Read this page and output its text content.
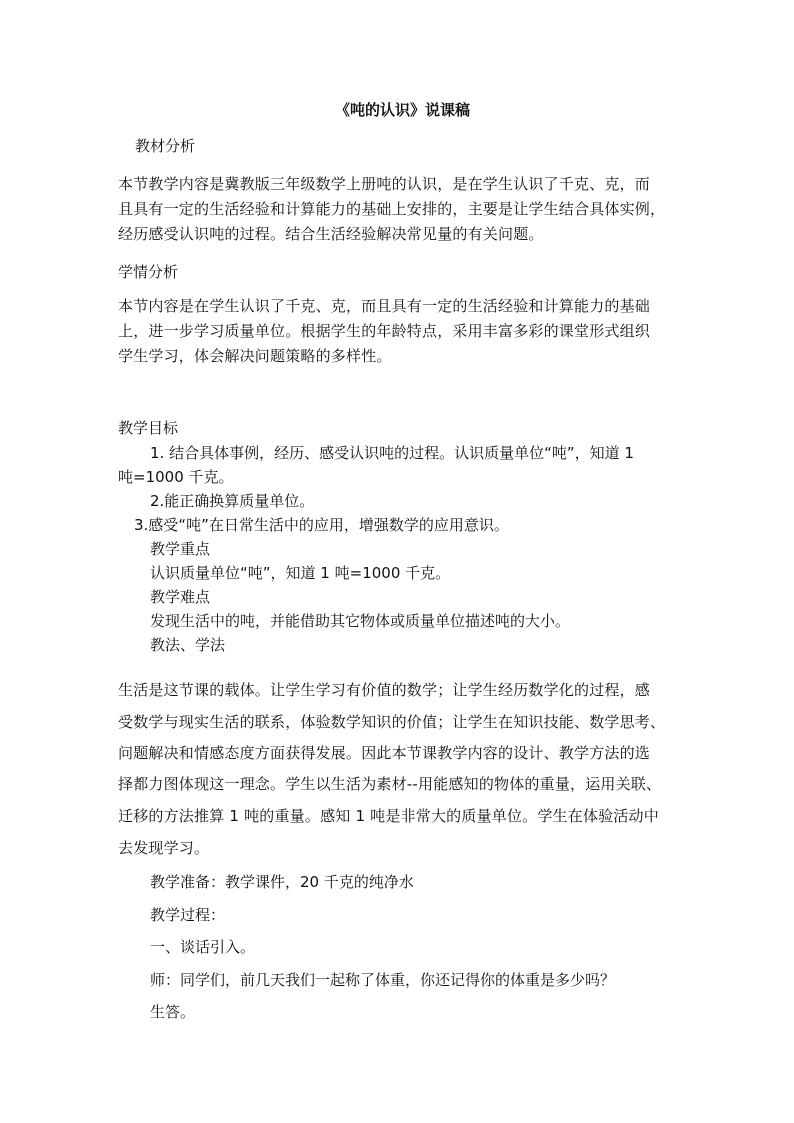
《吨的认识》说课稿
教材分析
本节教学内容是冀教版三年级数学上册吨的认识，是在学生认识了千克、克，而
且具有一定的生活经验和计算能力的基础上安排的，主要是让学生结合具体实例，
经历感受认识吨的过程。结合生活经验解决常见量的有关问题。
学情分析
本节内容是在学生认识了千克、克，而且具有一定的生活经验和计算能力的基础
上，进一步学习质量单位。根据学生的年龄特点，采用丰富多彩的课堂形式组织
学生学习，体会解决问题策略的多样性。
教学目标
1. 结合具体事例，经历、感受认识吨的过程。认识质量单位“吨”，知道 1
吨=1000 千克。
2.能正确换算质量单位。
3.感受“吨”在日常生活中的应用，增强数学的应用意识。
教学重点
认识质量单位“吨”，知道 1 吨=1000 千克。
教学难点
发现生活中的吨，并能借助其它物体或质量单位描述吨的大小。
教法、学法
生活是这节课的载体。让学生学习有价值的数学；让学生经历数学化的过程，感
受数学与现实生活的联系，体验数学知识的价值；让学生在知识技能、数学思考、
问题解决和情感态度方面获得发展。因此本节课教学内容的设计、教学方法的选
择都力图体现这一理念。学生以生活为素材--用能感知的物体的重量，运用关联、
迁移的方法推算 1 吨的重量。感知 1 吨是非常大的质量单位。学生在体验活动中
去发现学习。
教学准备：教学课件，20 千克的纯净水
教学过程：
一、谈话引入。
师：同学们，前几天我们一起称了体重，你还记得你的体重是多少吗？
生答。
